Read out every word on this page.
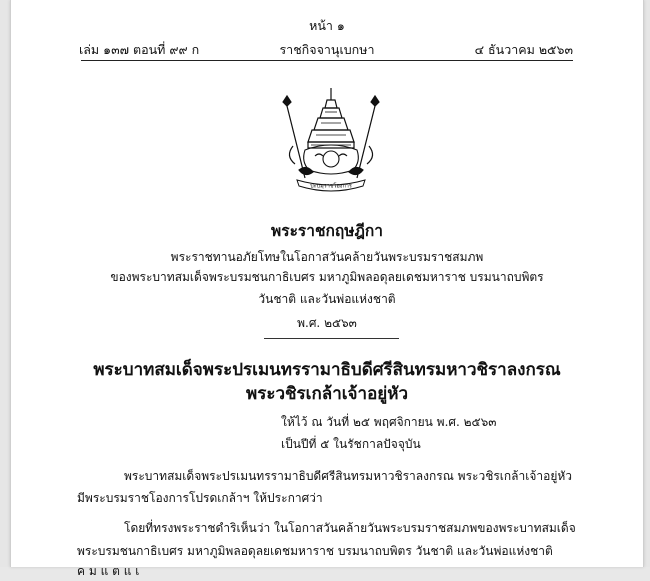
หน้า ๑
เล่ม ๑๓๗ ตอนที่ ๙๙ ก	ราชกิจจานุเบกษา	๔ ธันวาคม ๒๕๖๓
ปะบมฺราชโองการ
พระราชกฤษฎีกา
พระราชทานอภัยโทษในโอกาสวันคล้ายวันพระบรมราชสมภพ
ของพระบาทสมเด็จพระบรมชนกาธิเบศร มหาภูมิพลอดุลยเดชมหาราช บรมนาถบพิตร
วันชาติ และวันพ่อแห่งชาติ
พ.ศ. ๒๕๖๓
พระบาทสมเด็จพระปรเมนทรรามาธิบดีศรีสินทรมหาวชิราลงกรณ
พระวชิรเกล้าเจ้าอยู่หัว
ให้ไว้ ณ วันที่ ๒๕ พฤศจิกายน พ.ศ. ๒๕๖๓
เป็นปีที่ ๕ ในรัชกาลปัจจุบัน
พระบาทสมเด็จพระปรเมนทรรามาธิบดีศรีสินทรมหาวชิราลงกรณ พระวชิรเกล้าเจ้าอยู่หัว
มีพระบรมราชโองการโปรดเกล้าฯ ให้ประกาศว่า
โดยที่ทรงพระราชดำริเห็นว่า ในโอกาสวันคล้ายวันพระบรมราชสมภพของพระบาทสมเด็จ
พระบรมชนกาธิเบศร มหาภูมิพลอดุลยเดชมหาราช บรมนาถบพิตร วันชาติ และวันพ่อแห่งชาติ
ค ม แ ต แ เ
